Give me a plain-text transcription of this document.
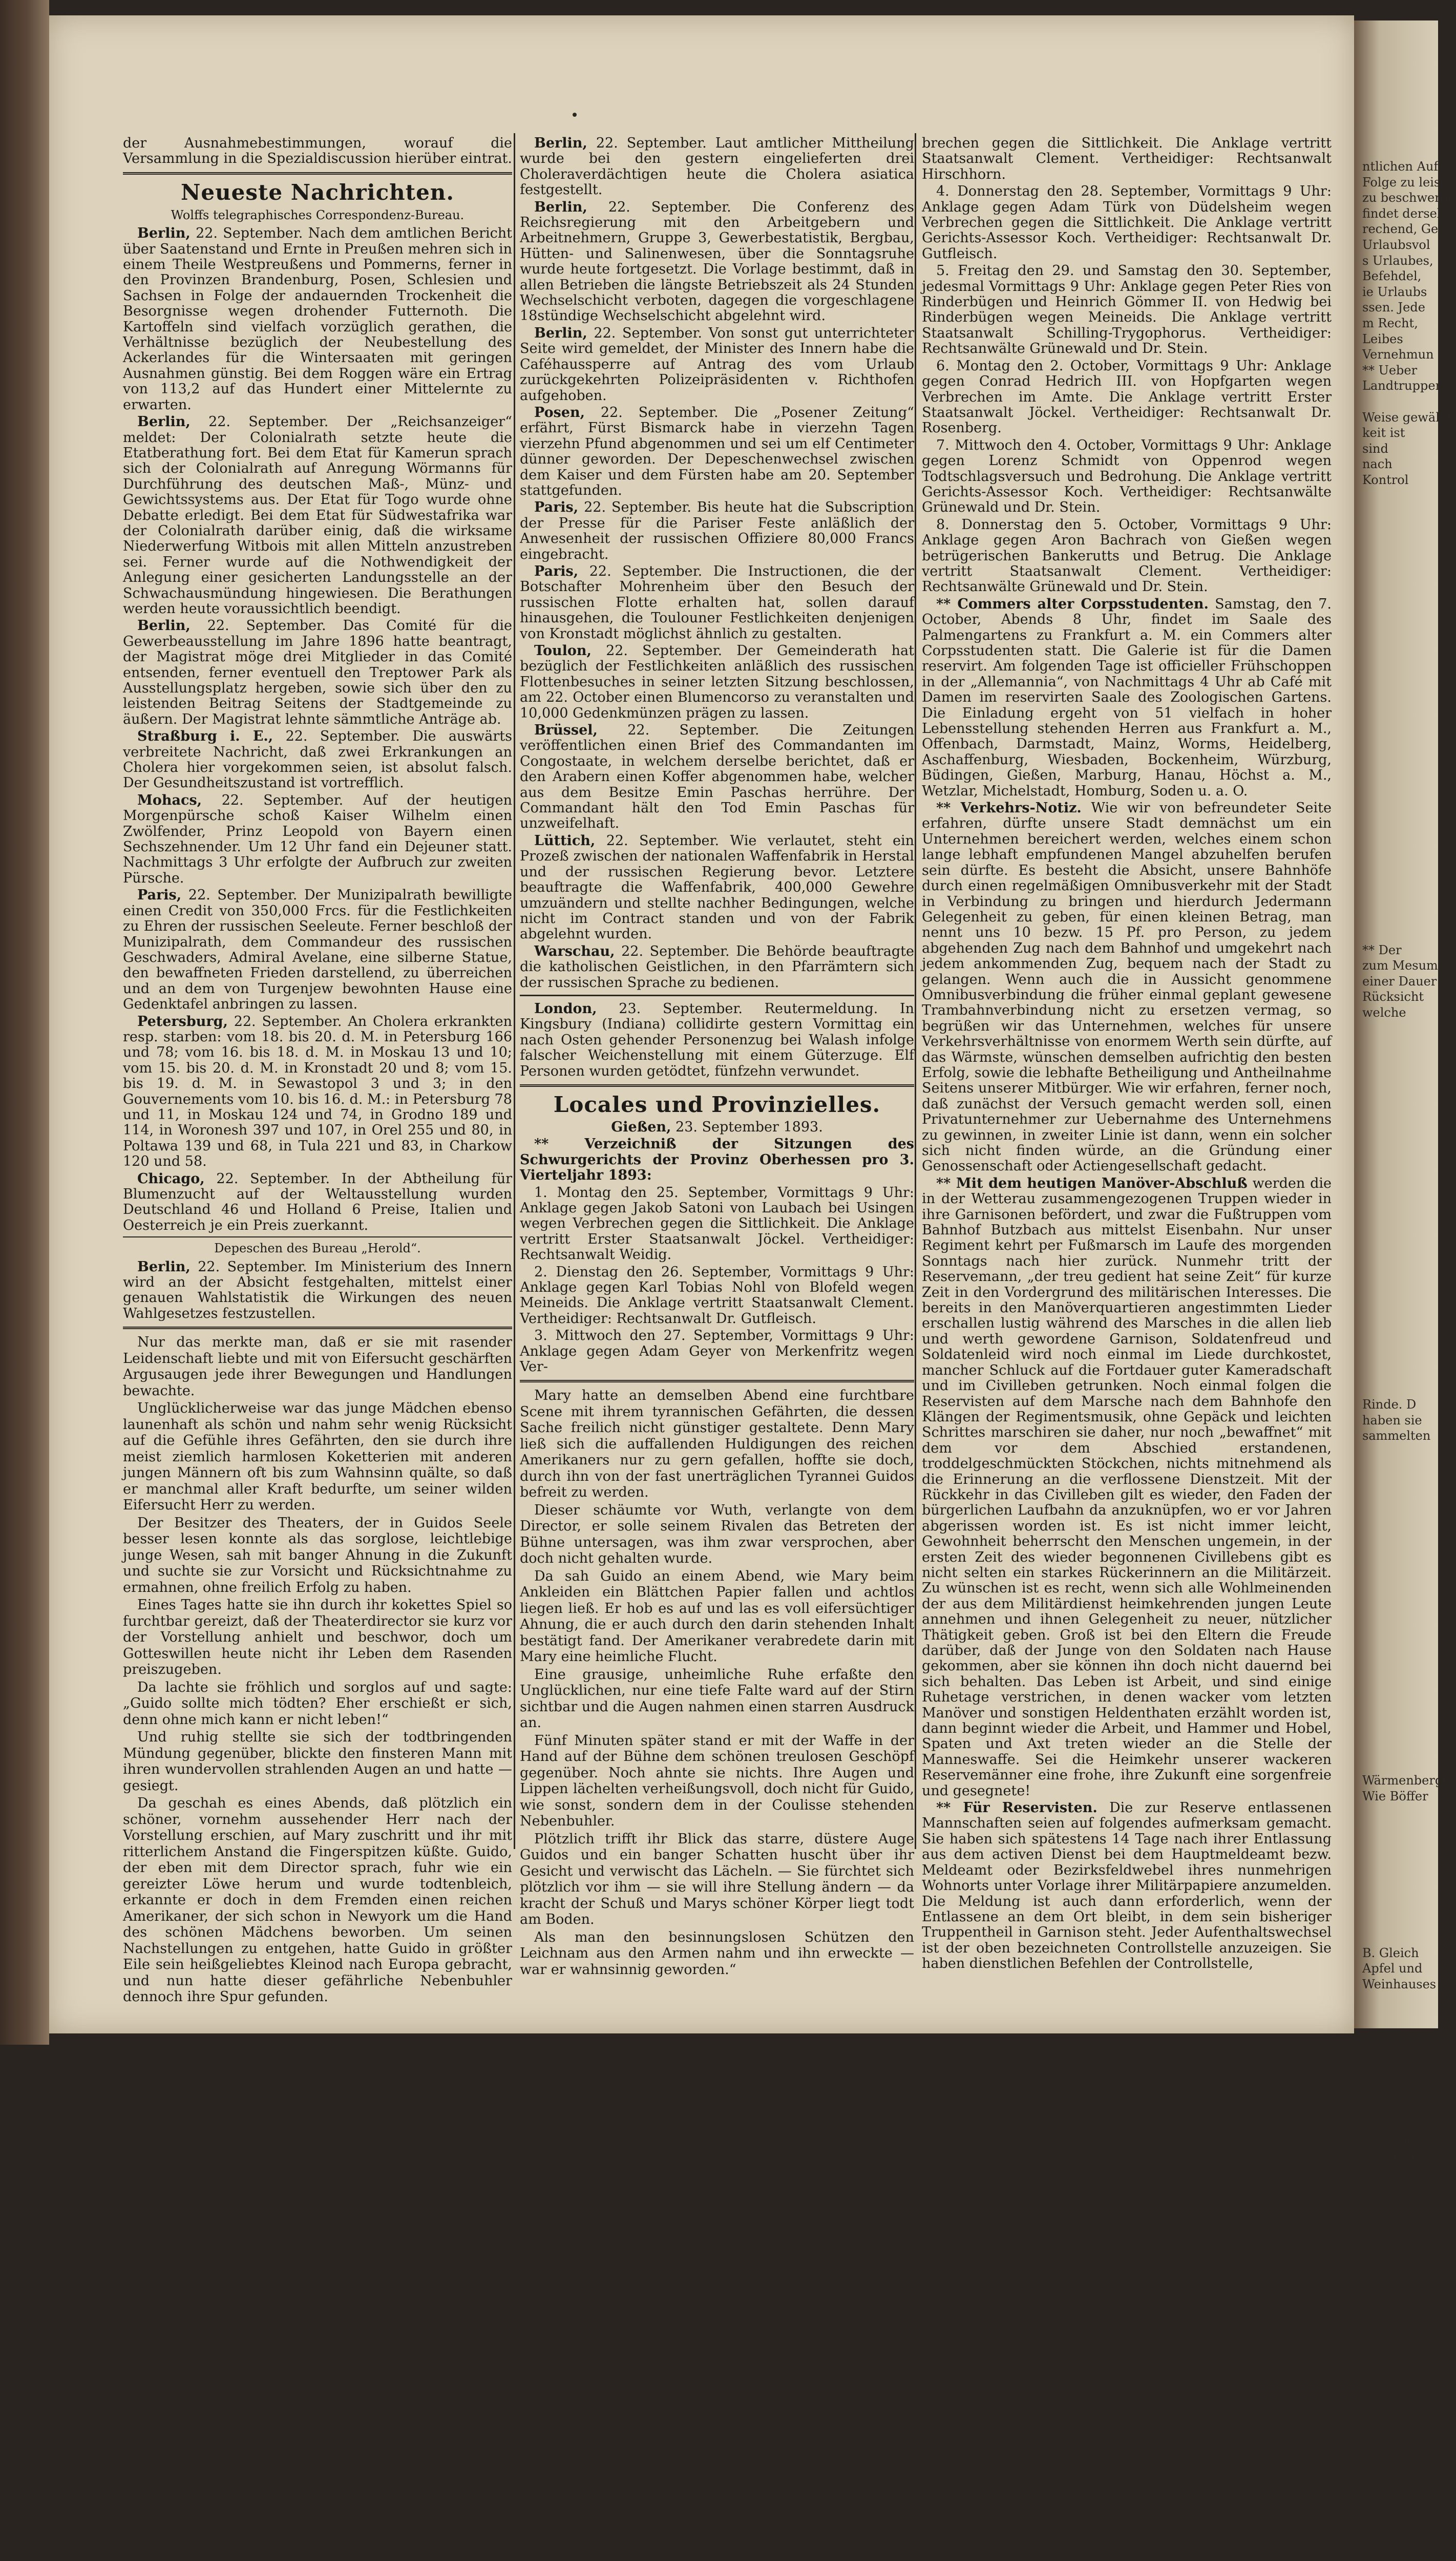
der Ausnahmebestimmungen, worauf die Versammlung in die Spezialdiscussion hierüber eintrat.

Neueste Nachrichten.
Wolffs telegraphisches Correspondenz-Bureau.

Berlin, 22. September. Nach dem amtlichen Bericht über Saatenstand und Ernte in Preußen mehren sich in einem Theile Westpreußens und Pommerns, ferner in den Provinzen Brandenburg, Posen, Schlesien und Sachsen in Folge der andauernden Trockenheit die Besorgnisse wegen drohender Futternoth. Die Kartoffeln sind vielfach vorzüglich gerathen, die Verhältnisse bezüglich der Neubestellung des Ackerlandes für die Wintersaaten mit geringen Ausnahmen günstig. Bei dem Roggen wäre ein Ertrag von 113,2 auf das Hundert einer Mittelernte zu erwarten.

Berlin, 22. September. Der „Reichsanzeiger“ meldet: Der Colonialrath setzte heute die Etatberathung fort. Bei dem Etat für Kamerun sprach sich der Colonialrath auf Anregung Wörmanns für Durchführung des deutschen Maß-, Münz- und Gewichtssystems aus. Der Etat für Togo wurde ohne Debatte erledigt. Bei dem Etat für Südwestafrika war der Colonialrath darüber einig, daß die wirksame Niederwerfung Witbois mit allen Mitteln anzustreben sei. Ferner wurde auf die Nothwendigkeit der Anlegung einer gesicherten Landungsstelle an der Schwachausmündung hingewiesen. Die Berathungen werden heute voraussichtlich beendigt.

Berlin, 22. September. Das Comité für die Gewerbeausstellung im Jahre 1896 hatte beantragt, der Magistrat möge drei Mitglieder in das Comité entsenden, ferner eventuell den Treptower Park als Ausstellungsplatz hergeben, sowie sich über den zu leistenden Beitrag Seitens der Stadtgemeinde zu äußern. Der Magistrat lehnte sämmtliche Anträge ab.

Straßburg i. E., 22. September. Die auswärts verbreitete Nachricht, daß zwei Erkrankungen an Cholera hier vorgekommen seien, ist absolut falsch. Der Gesundheitszustand ist vortrefflich.

Mohacs, 22. September. Auf der heutigen Morgenpürsche schoß Kaiser Wilhelm einen Zwölfender, Prinz Leopold von Bayern einen Sechszehnender. Um 12 Uhr fand ein Dejeuner statt. Nachmittags 3 Uhr erfolgte der Aufbruch zur zweiten Pürsche.

Paris, 22. September. Der Munizipalrath bewilligte einen Credit von 350,000 Frcs. für die Festlichkeiten zu Ehren der russischen Seeleute. Ferner beschloß der Munizipalrath, dem Commandeur des russischen Geschwaders, Admiral Avelane, eine silberne Statue, den bewaffneten Frieden darstellend, zu überreichen und an dem von Turgenjew bewohnten Hause eine Gedenktafel anbringen zu lassen.

Petersburg, 22. September. An Cholera erkrankten resp. starben: vom 18. bis 20. d. M. in Petersburg 166 und 78; vom 16. bis 18. d. M. in Moskau 13 und 10; vom 15. bis 20. d. M. in Kronstadt 20 und 8; vom 15. bis 19. d. M. in Sewastopol 3 und 3; in den Gouvernements vom 10. bis 16. d. M.: in Petersburg 78 und 11, in Moskau 124 und 74, in Grodno 189 und 114, in Woronesh 397 und 107, in Orel 255 und 80, in Poltawa 139 und 68, in Tula 221 und 83, in Charkow 120 und 58.

Chicago, 22. September. In der Abtheilung für Blumenzucht auf der Weltausstellung wurden Deutschland 46 und Holland 6 Preise, Italien und Oesterreich je ein Preis zuerkannt.

Depeschen des Bureau „Herold“.

Berlin, 22. September. Im Ministerium des Innern wird an der Absicht festgehalten, mittelst einer genauen Wahlstatistik die Wirkungen des neuen Wahlgesetzes festzustellen.

Nur das merkte man, daß er sie mit rasender Leidenschaft liebte und mit von Eifersucht geschärften Argusaugen jede ihrer Bewegungen und Handlungen bewachte.

Unglücklicherweise war das junge Mädchen ebenso launenhaft als schön und nahm sehr wenig Rücksicht auf die Gefühle ihres Gefährten, den sie durch ihre meist ziemlich harmlosen Koketterien mit anderen jungen Männern oft bis zum Wahnsinn quälte, so daß er manchmal aller Kraft bedurfte, um seiner wilden Eifersucht Herr zu werden.

Der Besitzer des Theaters, der in Guidos Seele besser lesen konnte als das sorglose, leichtlebige junge Wesen, sah mit banger Ahnung in die Zukunft und suchte sie zur Vorsicht und Rücksichtnahme zu ermahnen, ohne freilich Erfolg zu haben.

Eines Tages hatte sie ihn durch ihr kokettes Spiel so furchtbar gereizt, daß der Theaterdirector sie kurz vor der Vorstellung anhielt und beschwor, doch um Gotteswillen heute nicht ihr Leben dem Rasenden preiszugeben.

Da lachte sie fröhlich und sorglos auf und sagte: „Guido sollte mich tödten? Eher erschießt er sich, denn ohne mich kann er nicht leben!“

Und ruhig stellte sie sich der todtbringenden Mündung gegenüber, blickte den finsteren Mann mit ihren wundervollen strahlenden Augen an und hatte — gesiegt.

Da geschah es eines Abends, daß plötzlich ein schöner, vornehm aussehender Herr nach der Vorstellung erschien, auf Mary zuschritt und ihr mit ritterlichem Anstand die Fingerspitzen küßte. Guido, der eben mit dem Director sprach, fuhr wie ein gereizter Löwe herum und wurde todtenbleich, erkannte er doch in dem Fremden einen reichen Amerikaner, der sich schon in Newyork um die Hand des schönen Mädchens beworben. Um seinen Nachstellungen zu entgehen, hatte Guido in größter Eile sein heißgeliebtes Kleinod nach Europa gebracht, und nun hatte dieser gefährliche Nebenbuhler dennoch ihre Spur gefunden.

Berlin, 22. September. Laut amtlicher Mittheilung wurde bei den gestern eingelieferten drei Choleraverdächtigen heute die Cholera asiatica festgestellt.

Berlin, 22. September. Die Conferenz des Reichsregierung mit den Arbeitgebern und Arbeitnehmern, Gruppe 3, Gewerbestatistik, Bergbau, Hütten- und Salinenwesen, über die Sonntagsruhe wurde heute fortgesetzt. Die Vorlage bestimmt, daß in allen Betrieben die längste Betriebszeit als 24 Stunden Wechselschicht verboten, dagegen die vorgeschlagene 18stündige Wechselschicht abgelehnt wird.

Berlin, 22. September. Von sonst gut unterrichteter Seite wird gemeldet, der Minister des Innern habe die Caféhaussperre auf Antrag des vom Urlaub zurückgekehrten Polizeipräsidenten v. Richthofen aufgehoben.

Posen, 22. September. Die „Posener Zeitung“ erfährt, Fürst Bismarck habe in vierzehn Tagen vierzehn Pfund abgenommen und sei um elf Centimeter dünner geworden. Der Depeschenwechsel zwischen dem Kaiser und dem Fürsten habe am 20. September stattgefunden.

Paris, 22. September. Bis heute hat die Subscription der Presse für die Pariser Feste anläßlich der Anwesenheit der russischen Offiziere 80,000 Francs eingebracht.

Paris, 22. September. Die Instructionen, die der Botschafter Mohrenheim über den Besuch der russischen Flotte erhalten hat, sollen darauf hinausgehen, die Toulouner Festlichkeiten denjenigen von Kronstadt möglichst ähnlich zu gestalten.

Toulon, 22. September. Der Gemeinderath hat bezüglich der Festlichkeiten anläßlich des russischen Flottenbesuches in seiner letzten Sitzung beschlossen, am 22. October einen Blumencorso zu veranstalten und 10,000 Gedenkmünzen prägen zu lassen.

Brüssel, 22. September. Die Zeitungen veröffentlichen einen Brief des Commandanten im Congostaate, in welchem derselbe berichtet, daß er den Arabern einen Koffer abgenommen habe, welcher aus dem Besitze Emin Paschas herrühre. Der Commandant hält den Tod Emin Paschas für unzweifelhaft.

Lüttich, 22. September. Wie verlautet, steht ein Prozeß zwischen der nationalen Waffenfabrik in Herstal und der russischen Regierung bevor. Letztere beauftragte die Waffenfabrik, 400,000 Gewehre umzuändern und stellte nachher Bedingungen, welche nicht im Contract standen und von der Fabrik abgelehnt wurden.

Warschau, 22. September. Die Behörde beauftragte die katholischen Geistlichen, in den Pfarrämtern sich der russischen Sprache zu bedienen.

London, 23. September. Reutermeldung. In Kingsbury (Indiana) collidirte gestern Vormittag ein nach Osten gehender Personenzug bei Walash infolge falscher Weichenstellung mit einem Güterzuge. Elf Personen wurden getödtet, fünfzehn verwundet.

Locales und Provinzielles.

Gießen, 23. September 1893.

** Verzeichniß der Sitzungen des Schwurgerichts der Provinz Oberhessen pro 3. Vierteljahr 1893:

1. Montag den 25. September, Vormittags 9 Uhr: Anklage gegen Jakob Satoni von Laubach bei Usingen wegen Verbrechen gegen die Sittlichkeit. Die Anklage vertritt Erster Staatsanwalt Jöckel. Vertheidiger: Rechtsanwalt Weidig.

2. Dienstag den 26. September, Vormittags 9 Uhr: Anklage gegen Karl Tobias Nohl von Blofeld wegen Meineids. Die Anklage vertritt Staatsanwalt Clement. Vertheidiger: Rechtsanwalt Dr. Gutfleisch.

3. Mittwoch den 27. September, Vormittags 9 Uhr: Anklage gegen Adam Geyer von Merkenfritz wegen Ver-

Mary hatte an demselben Abend eine furchtbare Scene mit ihrem tyrannischen Gefährten, die dessen Sache freilich nicht günstiger gestaltete. Denn Mary ließ sich die auffallenden Huldigungen des reichen Amerikaners nur zu gern gefallen, hoffte sie doch, durch ihn von der fast unerträglichen Tyrannei Guidos befreit zu werden.

Dieser schäumte vor Wuth, verlangte von dem Director, er solle seinem Rivalen das Betreten der Bühne untersagen, was ihm zwar versprochen, aber doch nicht gehalten wurde.

Da sah Guido an einem Abend, wie Mary beim Ankleiden ein Blättchen Papier fallen und achtlos liegen ließ. Er hob es auf und las es voll eifersüchtiger Ahnung, die er auch durch den darin stehenden Inhalt bestätigt fand. Der Amerikaner verabredete darin mit Mary eine heimliche Flucht.

Eine grausige, unheimliche Ruhe erfaßte den Unglücklichen, nur eine tiefe Falte ward auf der Stirn sichtbar und die Augen nahmen einen starren Ausdruck an.

Fünf Minuten später stand er mit der Waffe in der Hand auf der Bühne dem schönen treulosen Geschöpf gegenüber. Noch ahnte sie nichts. Ihre Augen und Lippen lächelten verheißungsvoll, doch nicht für Guido, wie sonst, sondern dem in der Coulisse stehenden Nebenbuhler.

Plötzlich trifft ihr Blick das starre, düstere Auge Guidos und ein banger Schatten huscht über ihr Gesicht und verwischt das Lächeln. — Sie fürchtet sich plötzlich vor ihm — sie will ihre Stellung ändern — da kracht der Schuß und Marys schöner Körper liegt todt am Boden.

Als man den besinnungslosen Schützen den Leichnam aus den Armen nahm und ihn erweckte — war er wahnsinnig geworden.“

brechen gegen die Sittlichkeit. Die Anklage vertritt Staatsanwalt Clement. Vertheidiger: Rechtsanwalt Hirschhorn.

4. Donnerstag den 28. September, Vormittags 9 Uhr: Anklage gegen Adam Türk von Düdelsheim wegen Verbrechen gegen die Sittlichkeit. Die Anklage vertritt Gerichts-Assessor Koch. Vertheidiger: Rechtsanwalt Dr. Gutfleisch.

5. Freitag den 29. und Samstag den 30. September, jedesmal Vormittags 9 Uhr: Anklage gegen Peter Ries von Rinderbügen und Heinrich Gömmer II. von Hedwig bei Rinderbügen wegen Meineids. Die Anklage vertritt Staatsanwalt Schilling-Trygophorus. Vertheidiger: Rechtsanwälte Grünewald und Dr. Stein.

6. Montag den 2. October, Vormittags 9 Uhr: Anklage gegen Conrad Hedrich III. von Hopfgarten wegen Verbrechen im Amte. Die Anklage vertritt Erster Staatsanwalt Jöckel. Vertheidiger: Rechtsanwalt Dr. Rosenberg.

7. Mittwoch den 4. October, Vormittags 9 Uhr: Anklage gegen Lorenz Schmidt von Oppenrod wegen Todtschlagsversuch und Bedrohung. Die Anklage vertritt Gerichts-Assessor Koch. Vertheidiger: Rechtsanwälte Grünewald und Dr. Stein.

8. Donnerstag den 5. October, Vormittags 9 Uhr: Anklage gegen Aron Bachrach von Gießen wegen betrügerischen Bankerutts und Betrug. Die Anklage vertritt Staatsanwalt Clement. Vertheidiger: Rechtsanwälte Grünewald und Dr. Stein.

** Commers alter Corpsstudenten. Samstag, den 7. October, Abends 8 Uhr, findet im Saale des Palmengartens zu Frankfurt a. M. ein Commers alter Corpsstudenten statt. Die Galerie ist für die Damen reservirt. Am folgenden Tage ist officieller Frühschoppen in der „Allemannia“, von Nachmittags 4 Uhr ab Café mit Damen im reservirten Saale des Zoologischen Gartens. Die Einladung ergeht von 51 vielfach in hoher Lebensstellung stehenden Herren aus Frankfurt a. M., Offenbach, Darmstadt, Mainz, Worms, Heidelberg, Aschaffenburg, Wiesbaden, Bockenheim, Würzburg, Büdingen, Gießen, Marburg, Hanau, Höchst a. M., Wetzlar, Michelstadt, Homburg, Soden u. a. O.

** Verkehrs-Notiz. Wie wir von befreundeter Seite erfahren, dürfte unsere Stadt demnächst um ein Unternehmen bereichert werden, welches einem schon lange lebhaft empfundenen Mangel abzuhelfen berufen sein dürfte. Es besteht die Absicht, unsere Bahnhöfe durch einen regelmäßigen Omnibusverkehr mit der Stadt in Verbindung zu bringen und hierdurch Jedermann Gelegenheit zu geben, für einen kleinen Betrag, man nennt uns 10 bezw. 15 Pf. pro Person, zu jedem abgehenden Zug nach dem Bahnhof und umgekehrt nach jedem ankommenden Zug, bequem nach der Stadt zu gelangen. Wenn auch die in Aussicht genommene Omnibusverbindung die früher einmal geplant gewesene Trambahnverbindung nicht zu ersetzen vermag, so begrüßen wir das Unternehmen, welches für unsere Verkehrsverhältnisse von enormem Werth sein dürfte, auf das Wärmste, wünschen demselben aufrichtig den besten Erfolg, sowie die lebhafte Betheiligung und Antheilnahme Seitens unserer Mitbürger. Wie wir erfahren, ferner noch, daß zunächst der Versuch gemacht werden soll, einen Privatunternehmer zur Uebernahme des Unternehmens zu gewinnen, in zweiter Linie ist dann, wenn ein solcher sich nicht finden würde, an die Gründung einer Genossenschaft oder Actiengesellschaft gedacht.

** Mit dem heutigen Manöver-Abschluß werden die in der Wetterau zusammengezogenen Truppen wieder in ihre Garnisonen befördert, und zwar die Fußtruppen vom Bahnhof Butzbach aus mittelst Eisenbahn. Nur unser Regiment kehrt per Fußmarsch im Laufe des morgenden Sonntags nach hier zurück. Nunmehr tritt der Reservemann, „der treu gedient hat seine Zeit“ für kurze Zeit in den Vordergrund des militärischen Interesses. Die bereits in den Manöverquartieren angestimmten Lieder erschallen lustig während des Marsches in die allen lieb und werth gewordene Garnison, Soldatenfreud und Soldatenleid wird noch einmal im Liede durchkostet, mancher Schluck auf die Fortdauer guter Kameradschaft und im Civilleben getrunken. Noch einmal folgen die Reservisten auf dem Marsche nach dem Bahnhofe den Klängen der Regimentsmusik, ohne Gepäck und leichten Schrittes marschiren sie daher, nur noch „bewaffnet“ mit dem vor dem Abschied erstandenen, troddelgeschmückten Stöckchen, nichts mitnehmend als die Erinnerung an die verflossene Dienstzeit. Mit der Rückkehr in das Civilleben gilt es wieder, den Faden der bürgerlichen Laufbahn da anzuknüpfen, wo er vor Jahren abgerissen worden ist. Es ist nicht immer leicht, Gewohnheit beherrscht den Menschen ungemein, in der ersten Zeit des wieder begonnenen Civillebens gibt es nicht selten ein starkes Rückerinnern an die Militärzeit. Zu wünschen ist es recht, wenn sich alle Wohlmeinenden der aus dem Militärdienst heimkehrenden jungen Leute annehmen und ihnen Gelegenheit zu neuer, nützlicher Thätigkeit geben. Groß ist bei den Eltern die Freude darüber, daß der Junge von den Soldaten nach Hause gekommen, aber sie können ihn doch nicht dauernd bei sich behalten. Das Leben ist Arbeit, und sind einige Ruhetage verstrichen, in denen wacker vom letzten Manöver und sonstigen Heldenthaten erzählt worden ist, dann beginnt wieder die Arbeit, und Hammer und Hobel, Spaten und Axt treten wieder an die Stelle der Manneswaffe. Sei die Heimkehr unserer wackeren Reservemänner eine frohe, ihre Zukunft eine sorgenfreie und gesegnete!

** Für Reservisten. Die zur Reserve entlassenen Mannschaften seien auf folgendes aufmerksam gemacht. Sie haben sich spätestens 14 Tage nach ihrer Entlassung aus dem activen Dienst bei dem Hauptmeldeamt bezw. Meldeamt oder Bezirksfeldwebel ihres nunmehrigen Wohnorts unter Vorlage ihrer Militärpapiere anzumelden. Die Meldung ist auch dann erforderlich, wenn der Entlassene an dem Ort bleibt, in dem sein bisheriger Truppentheil in Garnison steht. Jeder Aufenthaltswechsel ist der oben bezeichneten Controllstelle anzuzeigen. Sie haben dienstlichen Befehlen der Controllstelle,

ntlichen Aufsi
Folge zu leiste
zu beschwerde
findet derselb
rechend, Geg
Urlaubsvol
s Urlaubes,
Befehdel,
ie Urlaubs
ssen. Jede
m Recht,
Leibes
Vernehmun
** Ueber
Landtruppen
Weise gewählt
keit ist
sind
nach
Kontrol
** Der
zum Mesum
einer Dauer
Rücksicht
welche
Rinde. D
haben sie
sammelten
Wärmenberger
Wie Böffer
B. Gleich
Apfel und
Weinhauses
B. Verhe
Wasserhaus
